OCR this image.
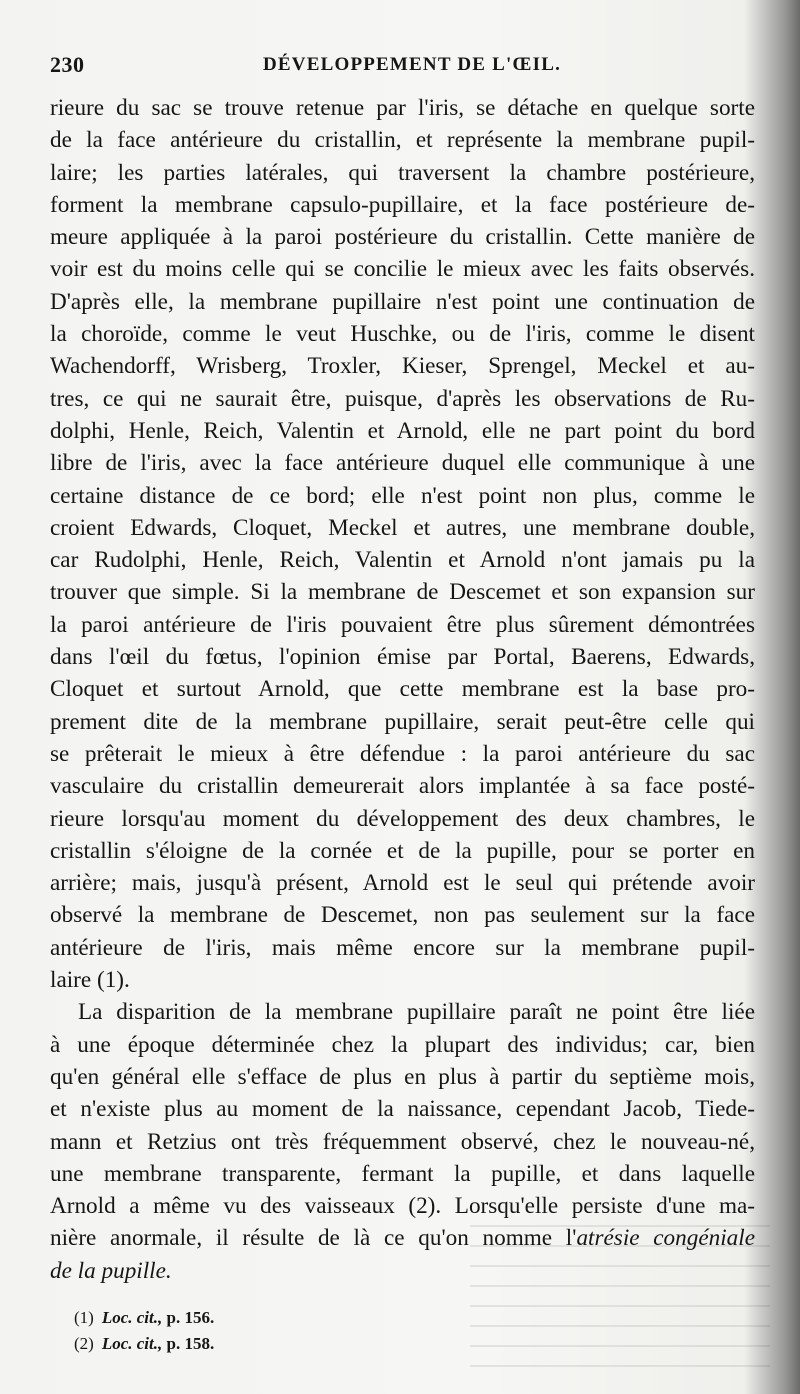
230	DÉVELOPPEMENT DE L'ŒIL.
rieure du sac se trouve retenue par l'iris, se détache en quelque sorte
de la face antérieure du cristallin, et représente la membrane pupil-
laire; les parties latérales, qui traversent la chambre postérieure,
forment la membrane capsulo-pupillaire, et la face postérieure de-
meure appliquée à la paroi postérieure du cristallin. Cette manière de
voir est du moins celle qui se concilie le mieux avec les faits observés.
D'après elle, la membrane pupillaire n'est point une continuation de
la choroïde, comme le veut Huschke, ou de l'iris, comme le disent
Wachendorff, Wrisberg, Troxler, Kieser, Sprengel, Meckel et au-
tres, ce qui ne saurait être, puisque, d'après les observations de Ru-
dolphi, Henle, Reich, Valentin et Arnold, elle ne part point du bord
libre de l'iris, avec la face antérieure duquel elle communique à une
certaine distance de ce bord; elle n'est point non plus, comme le
croient Edwards, Cloquet, Meckel et autres, une membrane double,
car Rudolphi, Henle, Reich, Valentin et Arnold n'ont jamais pu la
trouver que simple. Si la membrane de Descemet et son expansion sur
la paroi antérieure de l'iris pouvaient être plus sûrement démontrées
dans l'œil du fœtus, l'opinion émise par Portal, Baerens, Edwards,
Cloquet et surtout Arnold, que cette membrane est la base pro-
prement dite de la membrane pupillaire, serait peut-être celle qui
se prêterait le mieux à être défendue : la paroi antérieure du sac
vasculaire du cristallin demeurerait alors implantée à sa face posté-
rieure lorsqu'au moment du développement des deux chambres, le
cristallin s'éloigne de la cornée et de la pupille, pour se porter en
arrière; mais, jusqu'à présent, Arnold est le seul qui prétende avoir
observé la membrane de Descemet, non pas seulement sur la face
antérieure de l'iris, mais même encore sur la membrane pupil-
laire (1).
La disparition de la membrane pupillaire paraît ne point être liée
à une époque déterminée chez la plupart des individus; car, bien
qu'en général elle s'efface de plus en plus à partir du septième mois,
et n'existe plus au moment de la naissance, cependant Jacob, Tiede-
mann et Retzius ont très fréquemment observé, chez le nouveau-né,
une membrane transparente, fermant la pupille, et dans laquelle
Arnold a même vu des vaisseaux (2). Lorsqu'elle persiste d'une ma-
nière anormale, il résulte de là ce qu'on nomme l'atrésie congéniale
de la pupille.
(1) Loc. cit., p. 156.
(2) Loc. cit., p. 158.
